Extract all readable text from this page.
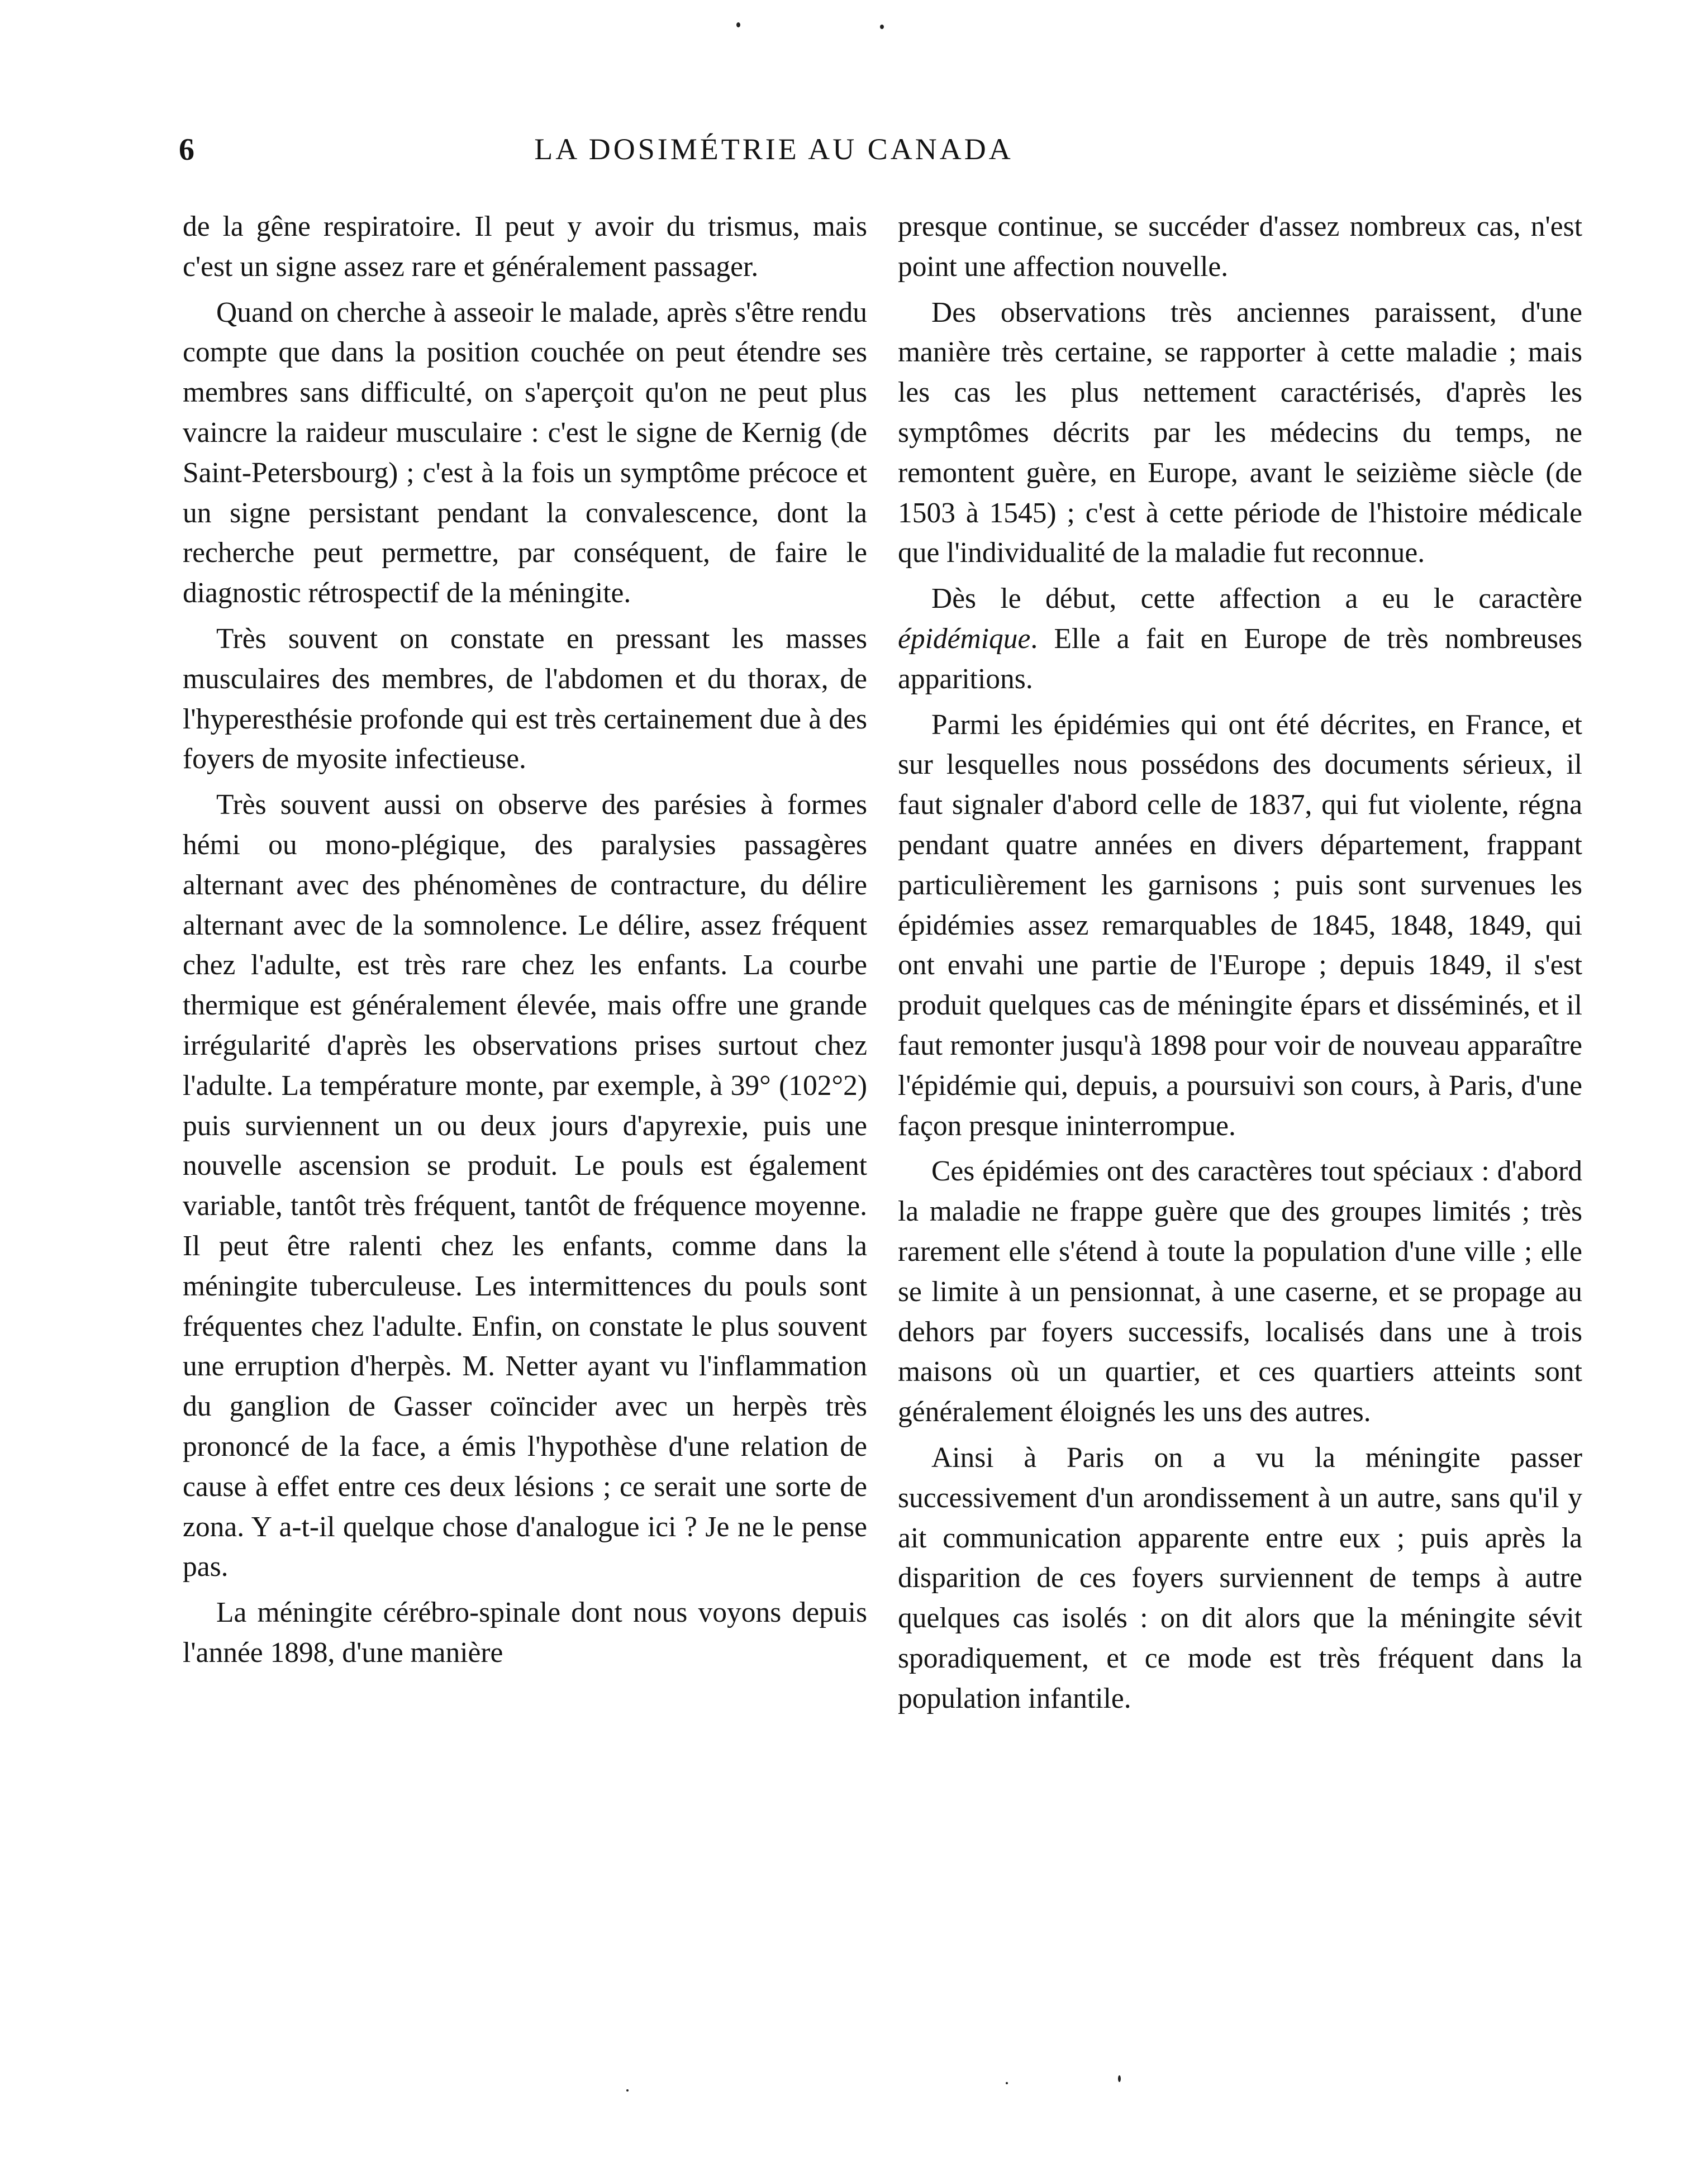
6	LA DOSIMÉTRIE AU CANADA

de la gêne respiratoire. Il peut y avoir du trismus, mais c'est un signe assez rare et généralement passager.

Quand on cherche à asseoir le malade, après s'être rendu compte que dans la position couchée on peut étendre ses membres sans difficulté, on s'aperçoit qu'on ne peut plus vaincre la raideur musculaire : c'est le signe de Kernig (de Saint-Petersbourg) ; c'est à la fois un symptôme précoce et un signe persistant pendant la convalescence, dont la recherche peut permettre, par conséquent, de faire le diagnostic rétrospectif de la méningite.

Très souvent on constate en pressant les masses musculaires des membres, de l'abdomen et du thorax, de l'hyperesthésie profonde qui est très certainement due à des foyers de myosite infectieuse.

Très souvent aussi on observe des parésies à formes hémi ou mono-plégique, des paralysies passagères alternant avec des phénomènes de contracture, du délire alternant avec de la somnolence. Le délire, assez fréquent chez l'adulte, est très rare chez les enfants. La courbe thermique est généralement élevée, mais offre une grande irrégularité d'après les observations prises surtout chez l'adulte. La température monte, par exemple, à 39° (102°2) puis surviennent un ou deux jours d'apyrexie, puis une nouvelle ascension se produit. Le pouls est également variable, tantôt très fréquent, tantôt de fréquence moyenne. Il peut être ralenti chez les enfants, comme dans la méningite tuberculeuse. Les intermittences du pouls sont fréquentes chez l'adulte. Enfin, on constate le plus souvent une erruption d'herpès. M. Netter ayant vu l'inflammation du ganglion de Gasser coïncider avec un herpès très prononcé de la face, a émis l'hypothèse d'une relation de cause à effet entre ces deux lésions ; ce serait une sorte de zona. Y a-t-il quelque chose d'analogue ici ? Je ne le pense pas.

La méningite cérébro-spinale dont nous voyons depuis l'année 1898, d'une manière

presque continue, se succéder d'assez nombreux cas, n'est point une affection nouvelle.

Des observations très anciennes paraissent, d'une manière très certaine, se rapporter à cette maladie ; mais les cas les plus nettement caractérisés, d'après les symptômes décrits par les médecins du temps, ne remontent guère, en Europe, avant le seizième siècle (de 1503 à 1545) ; c'est à cette période de l'histoire médicale que l'individualité de la maladie fut reconnue.

Dès le début, cette affection a eu le caractère épidémique. Elle a fait en Europe de très nombreuses apparitions.

Parmi les épidémies qui ont été décrites, en France, et sur lesquelles nous possédons des documents sérieux, il faut signaler d'abord celle de 1837, qui fut violente, régna pendant quatre années en divers département, frappant particulièrement les garnisons ; puis sont survenues les épidémies assez remarquables de 1845, 1848, 1849, qui ont envahi une partie de l'Europe ; depuis 1849, il s'est produit quelques cas de méningite épars et disséminés, et il faut remonter jusqu'à 1898 pour voir de nouveau apparaître l'épidémie qui, depuis, a poursuivi son cours, à Paris, d'une façon presque ininterrompue.

Ces épidémies ont des caractères tout spéciaux : d'abord la maladie ne frappe guère que des groupes limités ; très rarement elle s'étend à toute la population d'une ville ; elle se limite à un pensionnat, à une caserne, et se propage au dehors par foyers successifs, localisés dans une à trois maisons où un quartier, et ces quartiers atteints sont généralement éloignés les uns des autres.

Ainsi à Paris on a vu la méningite passer successivement d'un arondissement à un autre, sans qu'il y ait communication apparente entre eux ; puis après la disparition de ces foyers surviennent de temps à autre quelques cas isolés : on dit alors que la méningite sévit sporadiquement, et ce mode est très fréquent dans la population infantile.
